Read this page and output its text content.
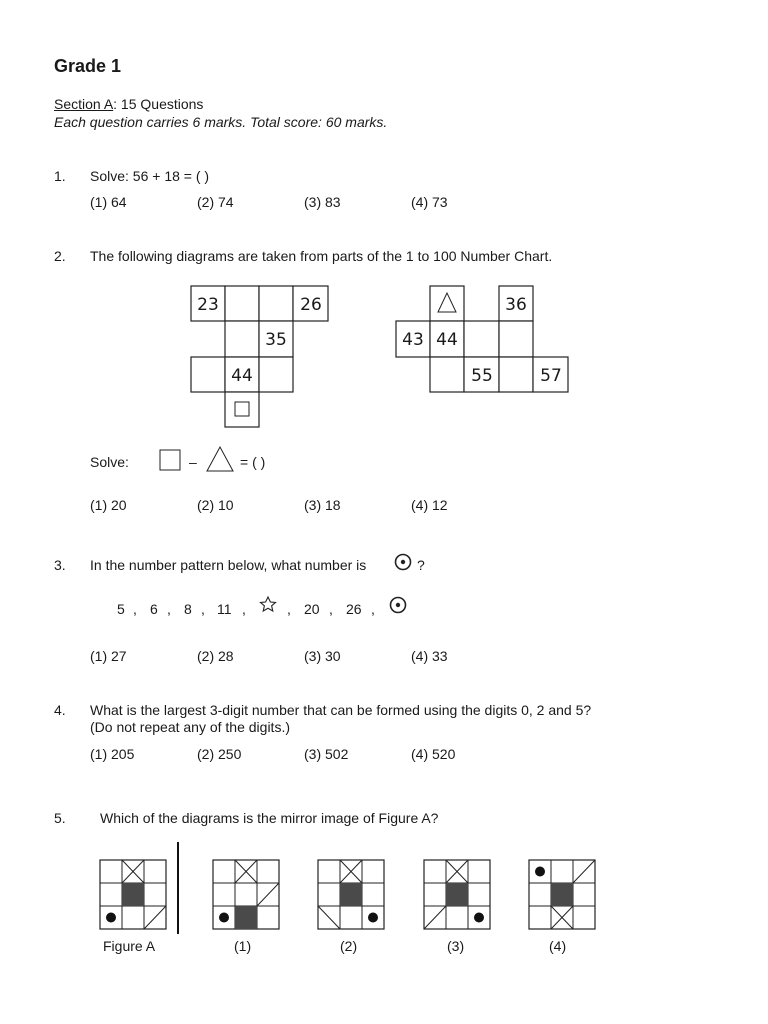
Grade 1
Section A: 15 Questions
Each question carries 6 marks. Total score: 60 marks.
1. Solve: 56 + 18 = ( )
(1) 64	(2) 74	(3) 83	(4) 73
2. The following diagrams are taken from parts of the 1 to 100 Number Chart.
23	26
35
44
36
43 44
55	57
Solve:	–	= ( )
(1) 20	(2) 10	(3) 18	(4) 12
3. In the number pattern below, what number is	?
5 , 6 , 8 , 11 ,	, 20 , 26 ,
(1) 27	(2) 28	(3) 30	(4) 33
4. What is the largest 3-digit number that can be formed using the digits 0, 2 and 5?
(Do not repeat any of the digits.)
(1) 205	(2) 250	(3) 502	(4) 520
5. Which of the diagrams is the mirror image of Figure A?
Figure A	(1)	(2)	(3)	(4)
